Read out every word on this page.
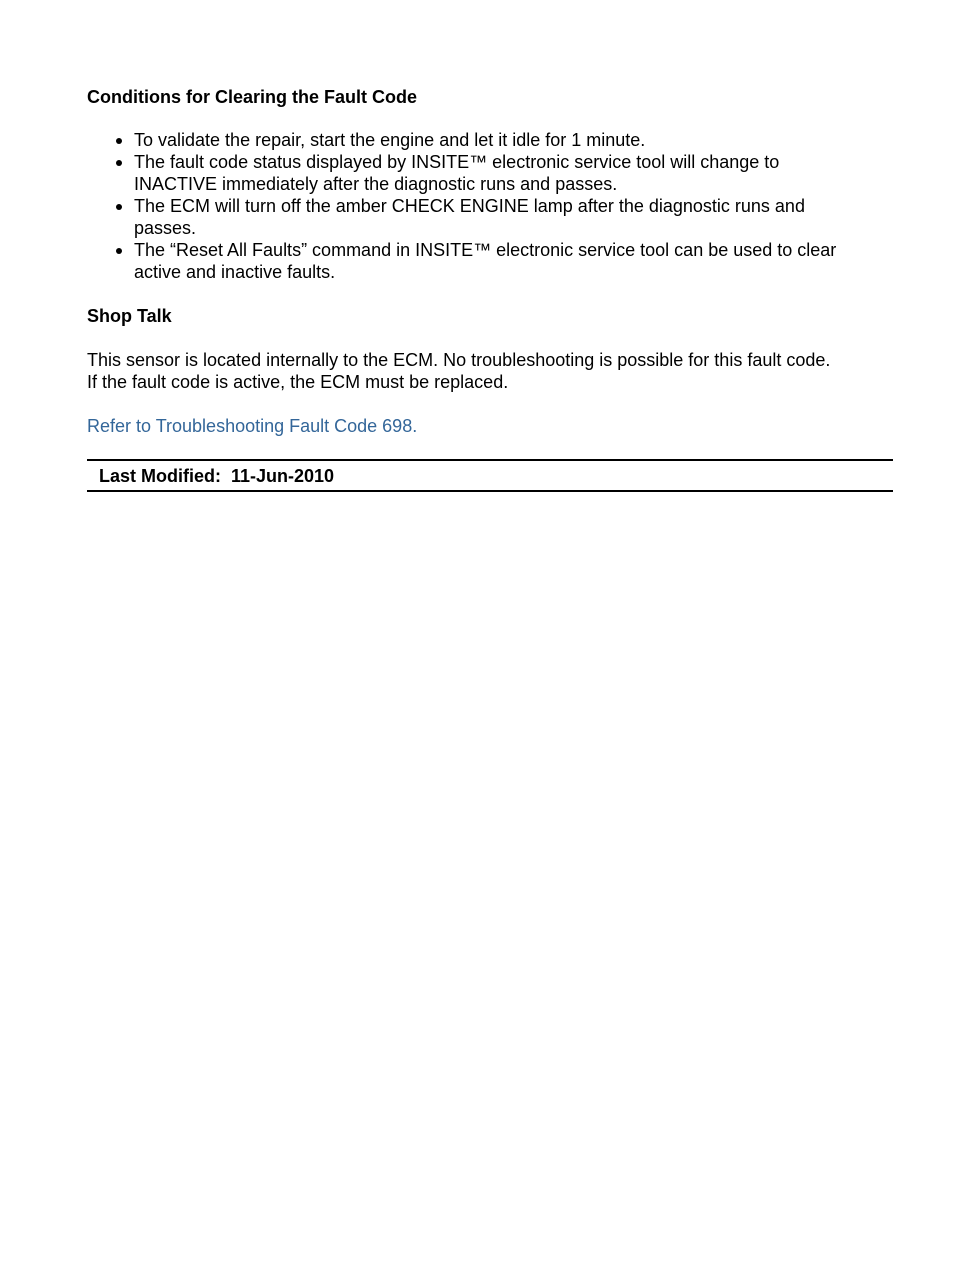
Conditions for Clearing the Fault Code
To validate the repair, start the engine and let it idle for 1 minute.
The fault code status displayed by INSITE™ electronic service tool will change to
INACTIVE immediately after the diagnostic runs and passes.
The ECM will turn off the amber CHECK ENGINE lamp after the diagnostic runs and
passes.
The “Reset All Faults” command in INSITE™ electronic service tool can be used to clear
active and inactive faults.
Shop Talk

This sensor is located internally to the ECM. No troubleshooting is possible for this fault code.
If the fault code is active, the ECM must be replaced.

Refer to Troubleshooting Fault Code 698.
Last Modified: 11-Jun-2010
